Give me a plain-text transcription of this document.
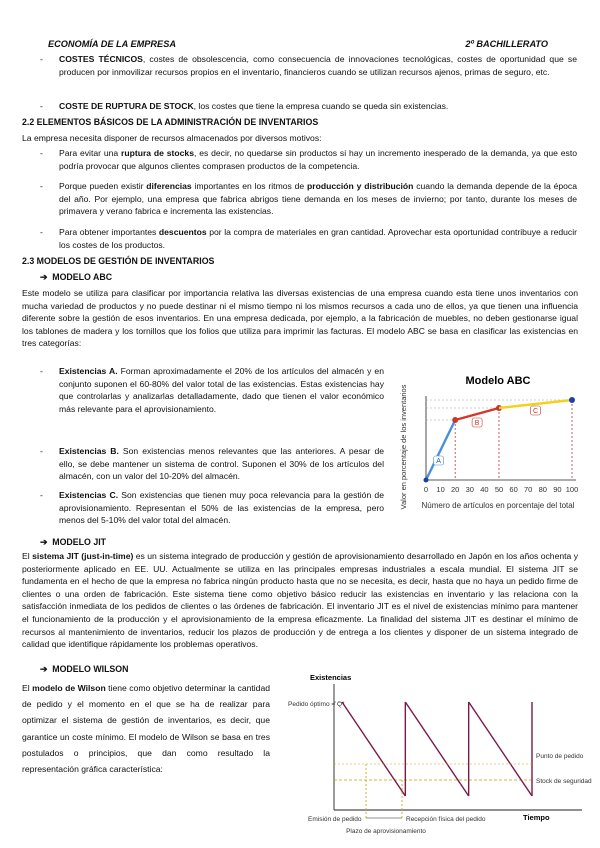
ECONOMÍA DE LA EMPRESA	2º BACHILLERATO
-	COSTES TÉCNICOS, costes de obsolescencia, como consecuencia de innovaciones tecnológicas, costes de oportunidad que se producen por inmovilizar recursos propios en el inventario, financieros cuando se utilizan recursos ajenos, primas de seguro, etc.
-	COSTE DE RUPTURA DE STOCK, los costes que tiene la empresa cuando se queda sin existencias.
2.2 ELEMENTOS BÁSICOS DE LA ADMINISTRACIÓN DE INVENTARIOS
La empresa necesita disponer de recursos almacenados por diversos motivos:
-	Para evitar una ruptura de stocks, es decir, no quedarse sin productos si hay un incremento inesperado de la demanda, ya que esto podría provocar que algunos clientes comprasen productos de la competencia.
-	Porque pueden existir diferencias importantes en los ritmos de producción y distribución cuando la demanda depende de la época del año. Por ejemplo, una empresa que fabrica abrigos tiene demanda en los meses de invierno; por tanto, durante los meses de primavera y verano fabrica e incrementa las existencias.
-	Para obtener importantes descuentos por la compra de materiales en gran cantidad. Aprovechar esta oportunidad contribuye a reducir los costes de los productos.
2.3 MODELOS DE GESTIÓN DE INVENTARIOS
➔ MODELO ABC
Este modelo se utiliza para clasificar por importancia relativa las diversas existencias de una empresa cuando esta tiene unos inventarios con mucha variedad de productos y no puede destinar ni el mismo tiempo ni los mismos recursos a cada uno de ellos, ya que tienen una influencia diferente sobre la gestión de esos inventarios. En una empresa dedicada, por ejemplo, a la fabricación de muebles, no deben gestionarse igual los tablones de madera y los tornillos que los folios que utiliza para imprimir las facturas. El modelo ABC se basa en clasificar las existencias en tres categorías:
-	Existencias A. Forman aproximadamente el 20% de los artículos del almacén y en conjunto suponen el 60-80% del valor total de las existencias. Estas existencias hay que controlarlas y analizarlas detalladamente, dado que tienen el valor económico más relevante para el aprovisionamiento.
-	Existencias B. Son existencias menos relevantes que las anteriores. A pesar de ello, se debe mantener un sistema de control. Suponen el 30% de los artículos del almacén, con un valor del 10-20% del almacén.
-	Existencias C. Son existencias que tienen muy poca relevancia para la gestión de aprovisionamiento. Representan el 50% de las existencias de la empresa, pero menos del 5-10% del valor total del almacén.
Modelo ABC
Valor en porcentaje de los inventarios 0 10 20 30 40 50 60 70 80 90 100
A
B
C
Número de artículos en porcentaje del total
➔ MODELO JIT
El sistema JIT (just-in-time) es un sistema integrado de producción y gestión de aprovisionamiento desarrollado en Japón en los años ochenta y posteriormente aplicado en EE. UU. Actualmente se utiliza en las principales empresas industriales a escala mundial. El sistema JIT se fundamenta en el hecho de que la empresa no fabrica ningún producto hasta que no se necesita, es decir, hasta que no haya un pedido firme de clientes o una orden de fabricación. Este sistema tiene como objetivo básico reducir las existencias en inventario y las relaciona con la satisfacción inmediata de los pedidos de clientes o las órdenes de fabricación. El inventario JIT es el nivel de existencias mínimo para mantener el funcionamiento de la producción y el aprovisionamiento de la empresa eficazmente. La finalidad del sistema JIT es destinar el mínimo de recursos al mantenimiento de inventarios, reducir los plazos de producción y de entrega a los clientes y disponer de un sistema integrado de calidad que identifique rápidamente los problemas operativos.
➔ MODELO WILSON
El modelo de Wilson tiene como objetivo determinar la cantidad de pedido y el momento en el que se ha de realizar para optimizar el sistema de gestión de inventarios, es decir, que garantice un coste mínimo. El modelo de Wilson se basa en tres postulados o principios, que dan como resultado la representación gráfica característica:
Existencias
Tiempo
Pedido óptimo = Q*
Punto de pedido
Stock de seguridad
Emisión de pedido
Plazo de aprovisionamiento
Recepción física del pedido
